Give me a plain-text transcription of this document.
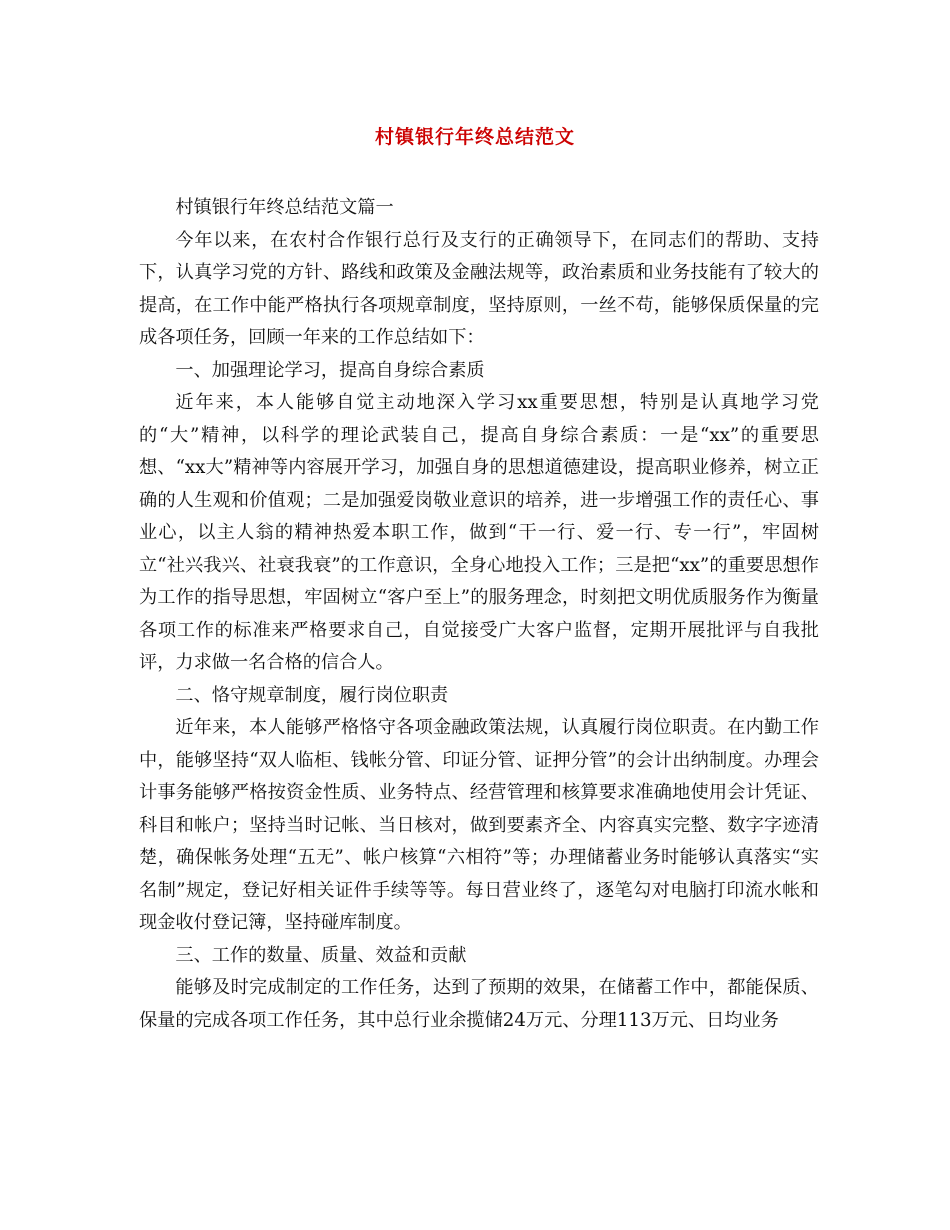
村镇银行年终总结范文

村镇银行年终总结范文篇一

今年以来，在农村合作银行总行及支行的正确领导下，在同志们的帮助、支持下，认真学习党的方针、路线和政策及金融法规等，政治素质和业务技能有了较大的提高，在工作中能严格执行各项规章制度，坚持原则，一丝不苟，能够保质保量的完成各项任务，回顾一年来的工作总结如下：

一、加强理论学习，提高自身综合素质

近年来，本人能够自觉主动地深入学习xx重要思想，特别是认真地学习党的“大”精神，以科学的理论武装自己，提高自身综合素质：一是“xx”的重要思想、“xx大”精神等内容展开学习，加强自身的思想道德建设，提高职业修养，树立正确的人生观和价值观；二是加强爱岗敬业意识的培养，进一步增强工作的责任心、事业心，以主人翁的精神热爱本职工作，做到“干一行、爱一行、专一行”，牢固树立“社兴我兴、社衰我衰”的工作意识，全身心地投入工作；三是把“xx”的重要思想作为工作的指导思想，牢固树立“客户至上”的服务理念，时刻把文明优质服务作为衡量各项工作的标准来严格要求自己，自觉接受广大客户监督，定期开展批评与自我批评，力求做一名合格的信合人。

二、恪守规章制度，履行岗位职责

近年来，本人能够严格恪守各项金融政策法规，认真履行岗位职责。在内勤工作中，能够坚持“双人临柜、钱帐分管、印证分管、证押分管”的会计出纳制度。办理会计事务能够严格按资金性质、业务特点、经营管理和核算要求准确地使用会计凭证、科目和帐户；坚持当时记帐、当日核对，做到要素齐全、内容真实完整、数字字迹清楚，确保帐务处理“五无”、帐户核算“六相符”等；办理储蓄业务时能够认真落实“实名制”规定，登记好相关证件手续等等。每日营业终了，逐笔勾对电脑打印流水帐和现金收付登记簿，坚持碰库制度。

三、工作的数量、质量、效益和贡献

能够及时完成制定的工作任务，达到了预期的效果，在储蓄工作中，都能保质、保量的完成各项工作任务，其中总行业余揽储24万元、分理113万元、日均业务
